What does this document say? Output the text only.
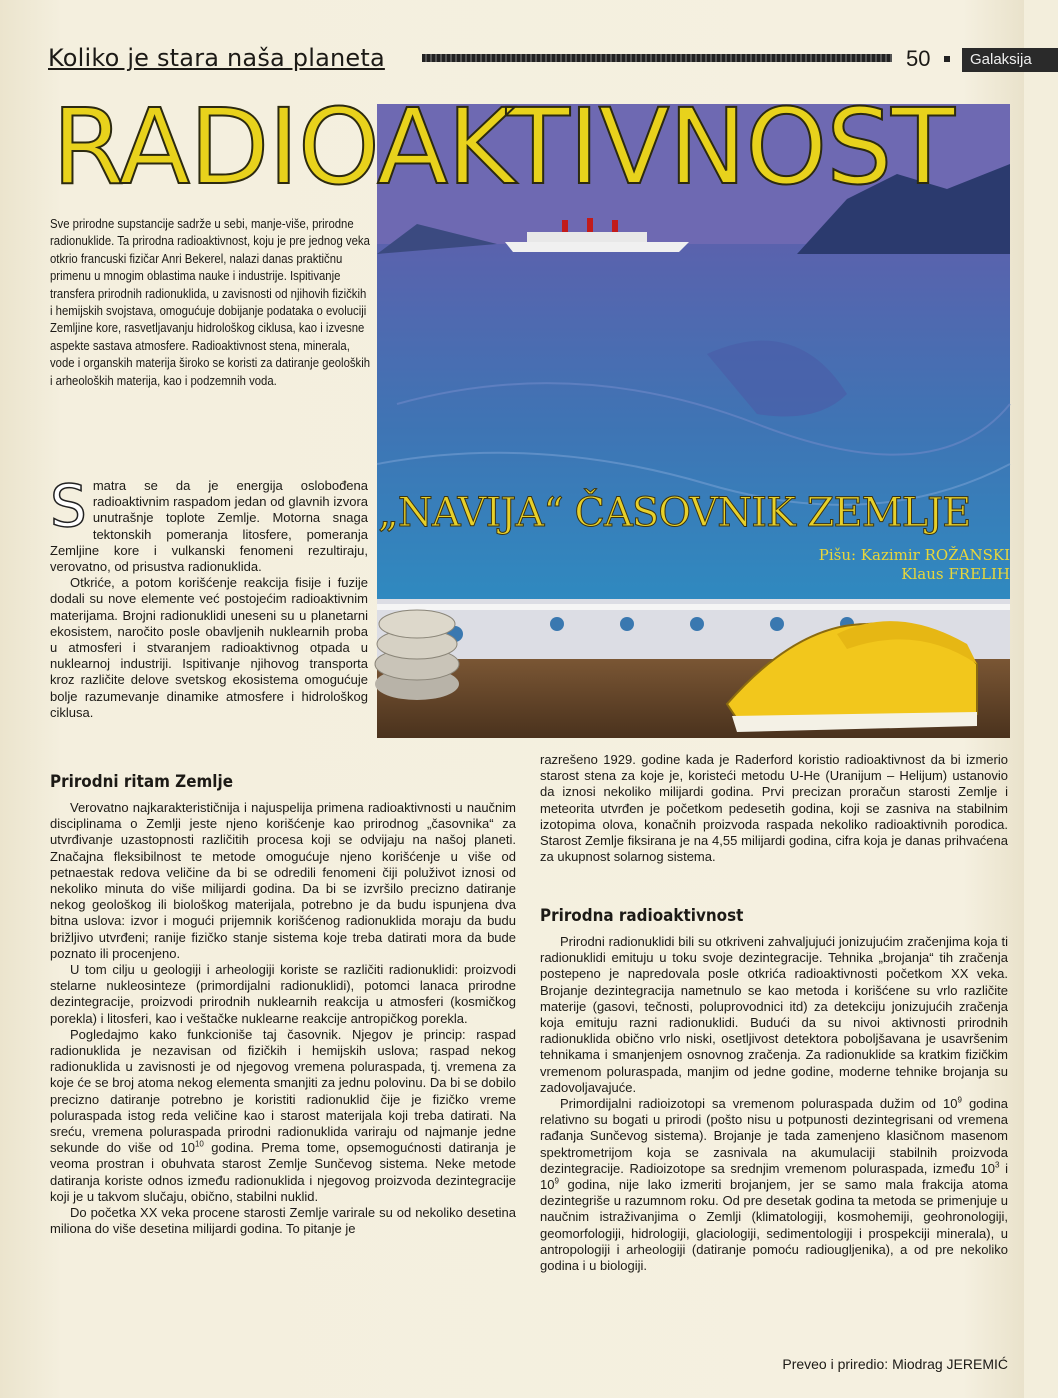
Koliko je stara naša planeta	50	Galaksija
RADIOAKTIVNOST
„NAVIJA“ ČASOVNIK ZEMLJE
Pišu: Kazimir ROŽANSKI
Klaus FRELIH
Sve prirodne supstancije sadrže u sebi, manje-više, prirodne radionuklide. Ta prirodna radioaktivnost, koju je pre jednog veka otkrio francuski fizičar Anri Bekerel, nalazi danas praktičnu primenu u mnogim oblastima nauke i industrije. Ispitivanje transfera prirodnih radionuklida, u zavisnosti od njihovih fizičkih i hemijskih svojstava, omogućuje dobijanje podataka o evoluciji Zemljine kore, rasvetljavanju hidrološkog ciklusa, kao i izvesne aspekte sastava atmosfere. Radioaktivnost stena, minerala, vode i organskih materija široko se koristi za datiranje geoloških i arheoloških materija, kao i podzemnih voda.

Smatra se da je energija oslobođena radioaktivnim raspadom jedan od glavnih izvora unutrašnje toplote Zemlje. Motorna snaga tektonskih pomeranja litosfere, pomeranja Zemljine kore i vulkanski fenomeni rezultiraju, verovatno, od prisustva radionuklida.

Otkriće, a potom korišćenje reakcija fisije i fuzije dodali su nove elemente već postojećim radioaktivnim materijama. Brojni radionuklidi uneseni su u planetarni ekosistem, naročito posle obavljenih nuklearnih proba u atmosferi i stvaranjem radioaktivnog otpada u nuklearnoj industriji. Ispitivanje njihovog transporta kroz različite delove svetskog ekosistema omogućuje bolje razumevanje dinamike atmosfere i hidrološkog ciklusa.

Prirodni ritam Zemlje

Verovatno najkarakterističnija i najuspelija primena radioaktivnosti u naučnim disciplinama o Zemlji jeste njeno korišćenje kao prirodnog „časovnika“ za utvrđivanje uzastopnosti različitih procesa koji se odvijaju na našoj planeti. Značajna fleksibilnost te metode omogućuje njeno korišćenje u više od petnaestak redova veličine da bi se odredili fenomeni čiji poluživot iznosi od nekoliko minuta do više milijardi godina. Da bi se izvršilo precizno datiranje nekog geološkog ili biološkog materijala, potrebno je da budu ispunjena dva bitna uslova: izvor i mogući prijemnik korišćenog radionuklida moraju da budu brižljivo utvrđeni; ranije fizičko stanje sistema koje treba datirati mora da bude poznato ili procenjeno.

U tom cilju u geologiji i arheologiji koriste se različiti radionuklidi: proizvodi stelarne nukleosinteze (primordijalni radionuklidi), potomci lanaca prirodne dezintegracije, proizvodi prirodnih nuklearnih reakcija u atmosferi (kosmičkog porekla) i litosferi, kao i veštačke nuklearne reakcije antropičkog porekla.

Pogledajmo kako funkcioniše taj časovnik. Njegov je princip: raspad radionuklida je nezavisan od fizičkih i hemijskih uslova; raspad nekog radionuklida u zavisnosti je od njegovog vremena poluraspada, tj. vremena za koje će se broj atoma nekog elementa smanjiti za jednu polovinu. Da bi se dobilo precizno datiranje potrebno je koristiti radionuklid čije je fizičko vreme poluraspada istog reda veličine kao i starost materijala koji treba datirati. Na sreću, vremena poluraspada prirodni radionuklida variraju od najmanje jedne sekunde do više od $10^{10}$ godina. Prema tome, opsemogućnosti datiranja je veoma prostran i obuhvata starost Zemlje Sunčevog sistema. Neke metode datiranja koriste odnos između radionuklida i njegovog proizvoda dezintegracije koji je u takvom slučaju, obično, stabilni nuklid.

Do početka XX veka procene starosti Zemlje varirale su od nekoliko desetina miliona do više desetina milijardi godina. To pitanje je

razrešeno 1929. godine kada je Raderford koristio radioaktivnost da bi izmerio starost stena za koje je, koristeći metodu U-He (Uranijum – Helijum) ustanovio da iznosi nekoliko milijardi godina. Prvi precizan proračun starosti Zemlje i meteorita utvrđen je početkom pedesetih godina, koji se zasniva na stabilnim izotopima olova, konačnih proizvoda raspada nekoliko radioaktivnih porodica. Starost Zemlje fiksirana je na 4,55 milijardi godina, cifra koja je danas prihvaćena za ukupnost solarnog sistema.

Prirodna radioaktivnost

Prirodni radionuklidi bili su otkriveni zahvaljujući jonizujućim zračenjima koja ti radionuklidi emituju u toku svoje dezintegracije. Tehnika „brojanja“ tih zračenja postepeno je napredovala posle otkrića radioaktivnosti početkom XX veka. Brojanje dezintegracija nametnulo se kao metoda i korišćene su vrlo različite materije (gasovi, tečnosti, poluprovodnici itd) za detekciju jonizujućih zračenja koja emituju razni radionuklidi. Budući da su nivoi aktivnosti prirodnih radionuklida obično vrlo niski, osetljivost detektora poboljšavana je usavršenim tehnikama i smanjenjem osnovnog zračenja. Za radionuklide sa kratkim fizičkim vremenom poluraspada, manjim od jedne godine, moderne tehnike brojanja su zadovoljavajuće.

Primordijalni radioizotopi sa vremenom poluraspada dužim od $10^9$ godina relativno su bogati u prirodi (pošto nisu u potpunosti dezintegrisani od vremena rađanja Sunčevog sistema). Brojanje je tada zamenjeno klasičnom masenom spektrometrijom koja se zasnivala na akumulaciji stabilnih proizvoda dezintegracije. Radioizotope sa srednjim vremenom poluraspada, između $10^3$ i $10^9$ godina, nije lako izmeriti brojanjem, jer se samo mala frakcija atoma dezintegriše u razumnom roku. Od pre desetak godina ta metoda se primenjuje u naučnim istraživanjima o Zemlji (klimatologiji, kosmohemiji, geohronologiji, geomorfologiji, hidrologiji, glaciologiji, sedimentologiji i prospekciji minerala), u antropologiji i arheologiji (datiranje pomoću radiougljenika), a od pre nekoliko godina i u biologiji.

Preveo i priredio: Miodrag JEREMIĆ
